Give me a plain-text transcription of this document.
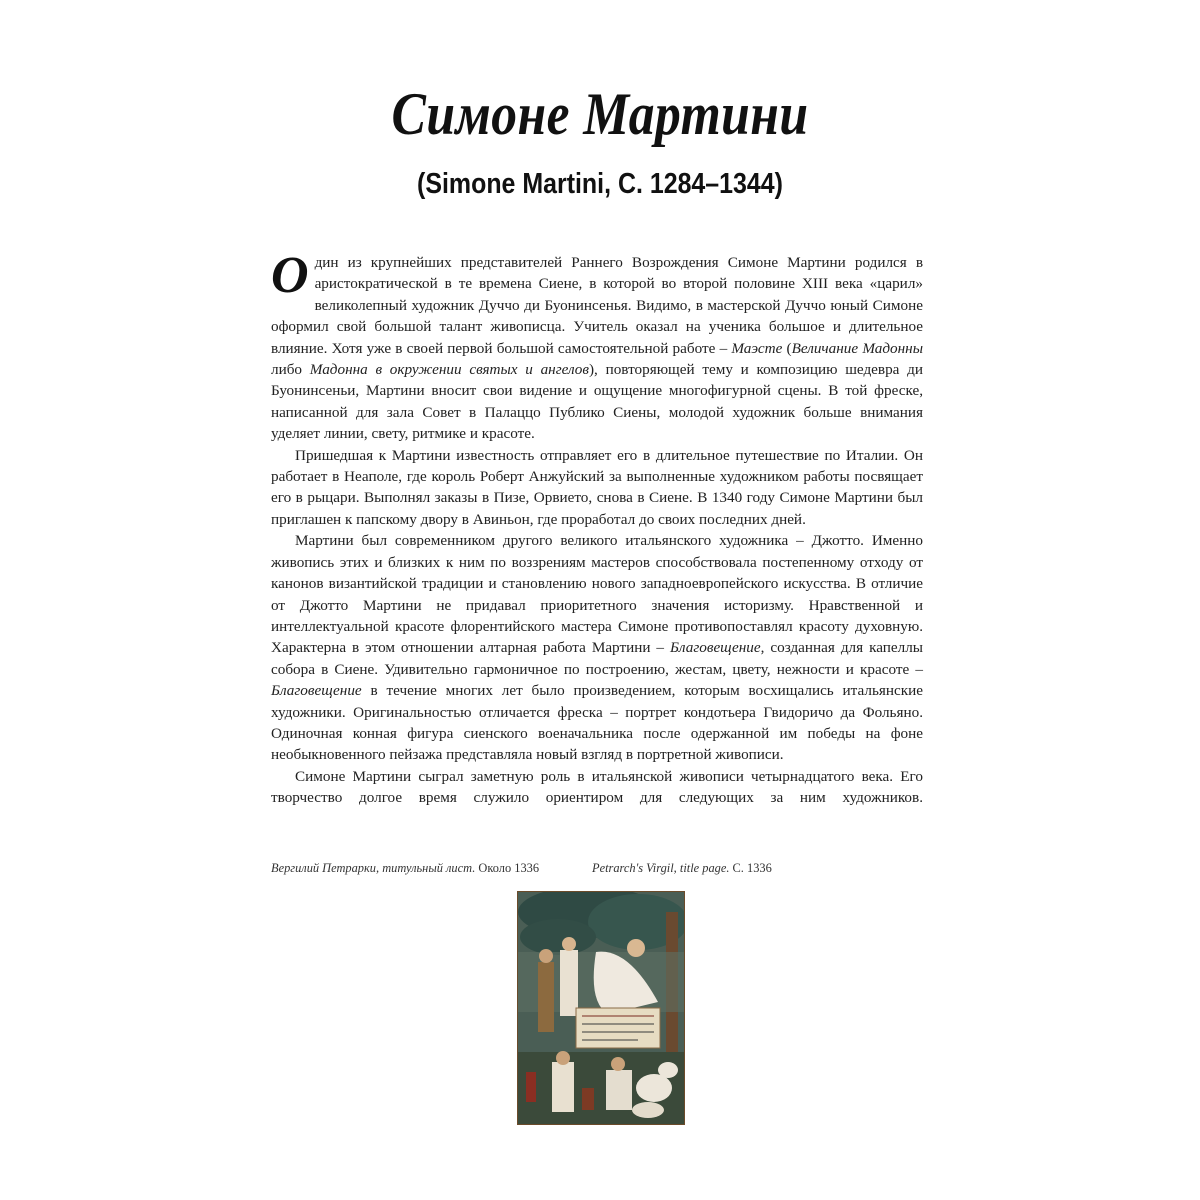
Симоне Мартини
(Simone Martini, С. 1284–1344)

Один из крупнейших представителей Раннего Возрождения Симоне Мартини родился в аристократической в те времена Сиене, в которой во второй половине XIII века «царил» великолепный художник Дуччо ди Буонинсенья. Видимо, в мастерской Дуччо юный Симоне оформил свой большой талант живописца. Учитель оказал на ученика большое и длительное влияние. Хотя уже в своей первой большой самостоятельной работе – Маэсте (Величание Мадонны либо Мадонна в окружении святых и ангелов), повторяющей тему и композицию шедевра ди Буонинсеньи, Мартини вносит свои видение и ощущение многофигурной сцены. В той фреске, написанной для зала Совет в Палаццо Публико Сиены, молодой художник больше внимания уделяет линии, свету, ритмике и красоте.

Пришедшая к Мартини известность отправляет его в длительное путешествие по Италии. Он работает в Неаполе, где король Роберт Анжуйский за выполненные художником работы посвящает его в рыцари. Выполнял заказы в Пизе, Орвието, снова в Сиене. В 1340 году Симоне Мартини был приглашен к папскому двору в Авиньон, где проработал до своих последних дней.

Мартини был современником другого великого итальянского художника – Джотто. Именно живопись этих и близких к ним по воззрениям мастеров способствовала постепенному отходу от канонов византийской традиции и становлению нового западноевропейского искусства. В отличие от Джотто Мартини не придавал приоритетного значения историзму. Нравственной и интеллектуальной красоте флорентийского мастера Симоне противопоставлял красоту духовную. Характерна в этом отношении алтарная работа Мартини – Благовещение, созданная для капеллы собора в Сиене. Удивительно гармоничное по построению, жестам, цвету, нежности и красоте – Благовещение в течение многих лет было произведением, которым восхищались итальянские художники. Оригинальностью отличается фреска – портрет кондотьера Гвидоричо да Фольяно. Одиночная конная фигура сиенского военачальника после одержанной им победы на фоне необыкновенного пейзажа представляла новый взгляд в портретной живописи.

Симоне Мартини сыграл заметную роль в итальянской живописи четырнадцатого века. Его творчество долгое время служило ориентиром для следующих за ним художников.

Вергилий Петрарки, титульный лист. Около 1336	Petrarch's Virgil, title page. C. 1336
